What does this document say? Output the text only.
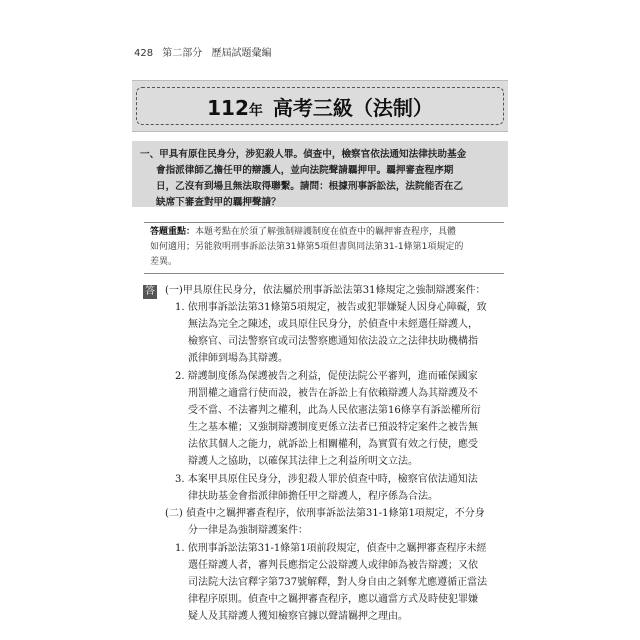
428 第二部分 歷屆試題彙編
112年 高考三級（法制）
一、甲具有原住民身分，涉犯殺人罪。偵查中，檢察官依法通知法律扶助基金
會指派律師乙擔任甲的辯護人，並向法院聲請羈押甲。羈押審查程序期
日，乙沒有到場且無法取得聯繫。請問：根據刑事訴訟法，法院能否在乙
缺席下審查對甲的羈押聲請？
答題重點：本題考點在於須了解強制辯護制度在偵查中的羈押審查程序，具體
如何適用；另能敘明刑事訴訟法第31條第5項但書與同法第31-1條第1項規定的
差異。
答 (一)甲具原住民身分，依法屬於刑事訴訟法第31條規定之強制辯護案件：
1. 依刑事訴訟法第31條第5項規定，被告或犯罪嫌疑人因身心障礙，致
無法為完全之陳述，或具原住民身分，於偵查中未經選任辯護人，
檢察官、司法警察官或司法警察應通知依法設立之法律扶助機構指
派律師到場為其辯護。
2. 辯護制度係為保護被告之利益，促使法院公平審判，進而確保國家
刑罰權之適當行使而設，被告在訴訟上有依賴辯護人為其辯護及不
受不當、不法審判之權利，此為人民依憲法第16條享有訴訟權所衍
生之基本權；又強制辯護制度更係立法者已預設特定案件之被告無
法依其個人之能力，就訴訟上相關權利，為實質有效之行使，應受
辯護人之協助，以確保其法律上之利益所明文立法。
3. 本案甲具原住民身分，涉犯殺人罪於偵查中時，檢察官依法通知法
律扶助基金會指派律師擔任甲之辯護人，程序係為合法。
(二) 偵查中之羈押審查程序，依刑事訴訟法第31-1條第1項規定，不分身
分一律是為強制辯護案件：
1. 依刑事訴訟法第31-1條第1項前段規定，偵查中之羈押審查程序未經
選任辯護人者，審判長應指定公設辯護人或律師為被告辯護；又依
司法院大法官釋字第737號解釋，對人身自由之剝奪尤應遵循正當法
律程序原則。偵查中之羈押審查程序，應以適當方式及時使犯罪嫌
疑人及其辯護人獲知檢察官據以聲請羈押之理由。
